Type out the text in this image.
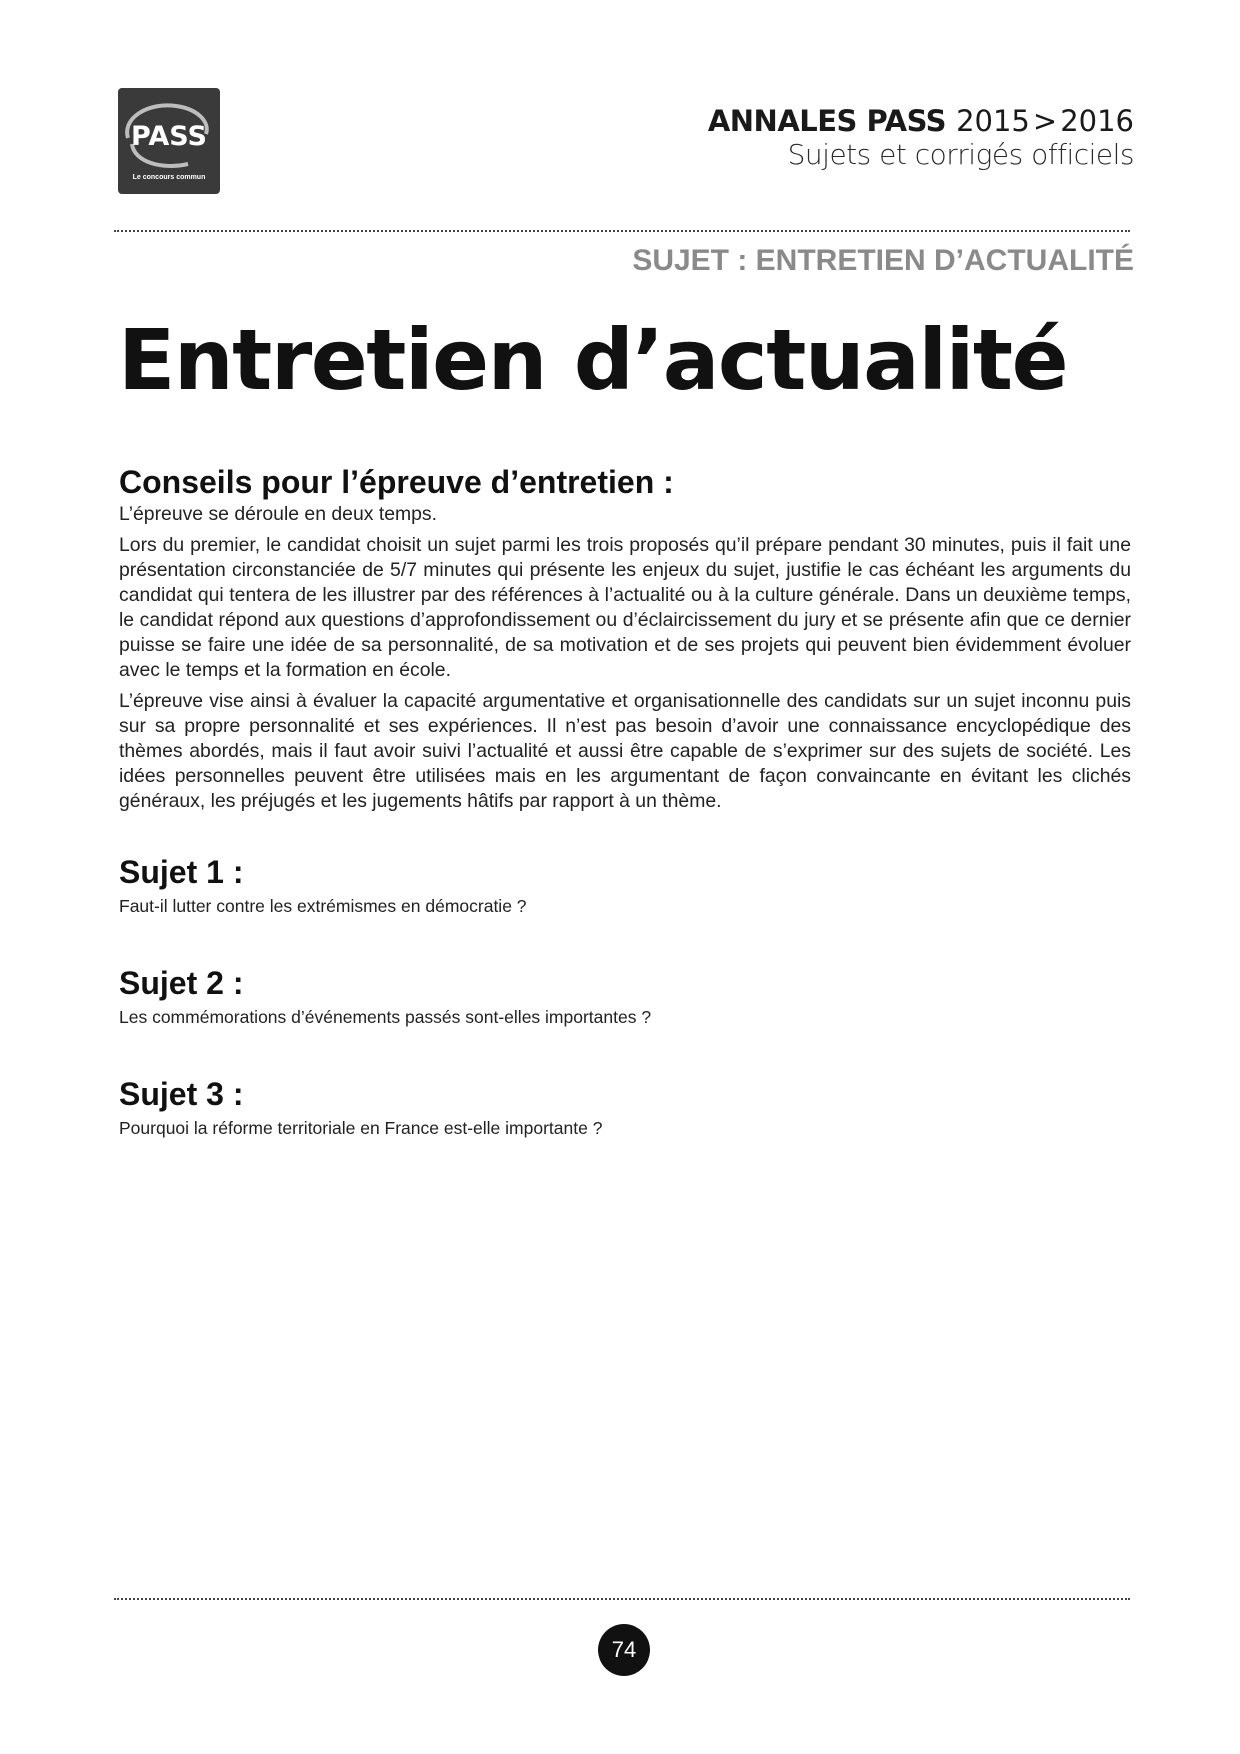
PASS
Le concours commun
ANNALES PASS 2015 > 2016
Sujets et corrigés officiels
SUJET : ENTRETIEN D’ACTUALITÉ
Entretien d’actualité
Conseils pour l’épreuve d’entretien :

L’épreuve se déroule en deux temps.

Lors du premier, le candidat choisit un sujet parmi les trois proposés qu’il prépare pendant 30 minutes, puis il fait une présentation circonstanciée de 5/7 minutes qui présente les enjeux du sujet, justifie le cas échéant les arguments du candidat qui tentera de les illustrer par des références à l’actualité ou à la culture générale. Dans un deuxième temps, le candidat répond aux questions d’approfondissement ou d’éclaircissement du jury et se présente afin que ce dernier puisse se faire une idée de sa personnalité, de sa motivation et de ses projets qui peuvent bien évidemment évoluer avec le temps et la formation en école.

L’épreuve vise ainsi à évaluer la capacité argumentative et organisationnelle des candidats sur un sujet inconnu puis sur sa propre personnalité et ses expériences. Il n’est pas besoin d’avoir une connaissance encyclopédique des thèmes abordés, mais il faut avoir suivi l’actualité et aussi être capable de s’exprimer sur des sujets de société. Les idées personnelles peuvent être utilisées mais en les argumentant de façon convaincante en évitant les clichés généraux, les préjugés et les jugements hâtifs par rapport à un thème.

Sujet 1 :

Faut-il lutter contre les extrémismes en démocratie ?

Sujet 2 :

Les commémorations d’événements passés sont-elles importantes ?

Sujet 3 :

Pourquoi la réforme territoriale en France est-elle importante ?

74
